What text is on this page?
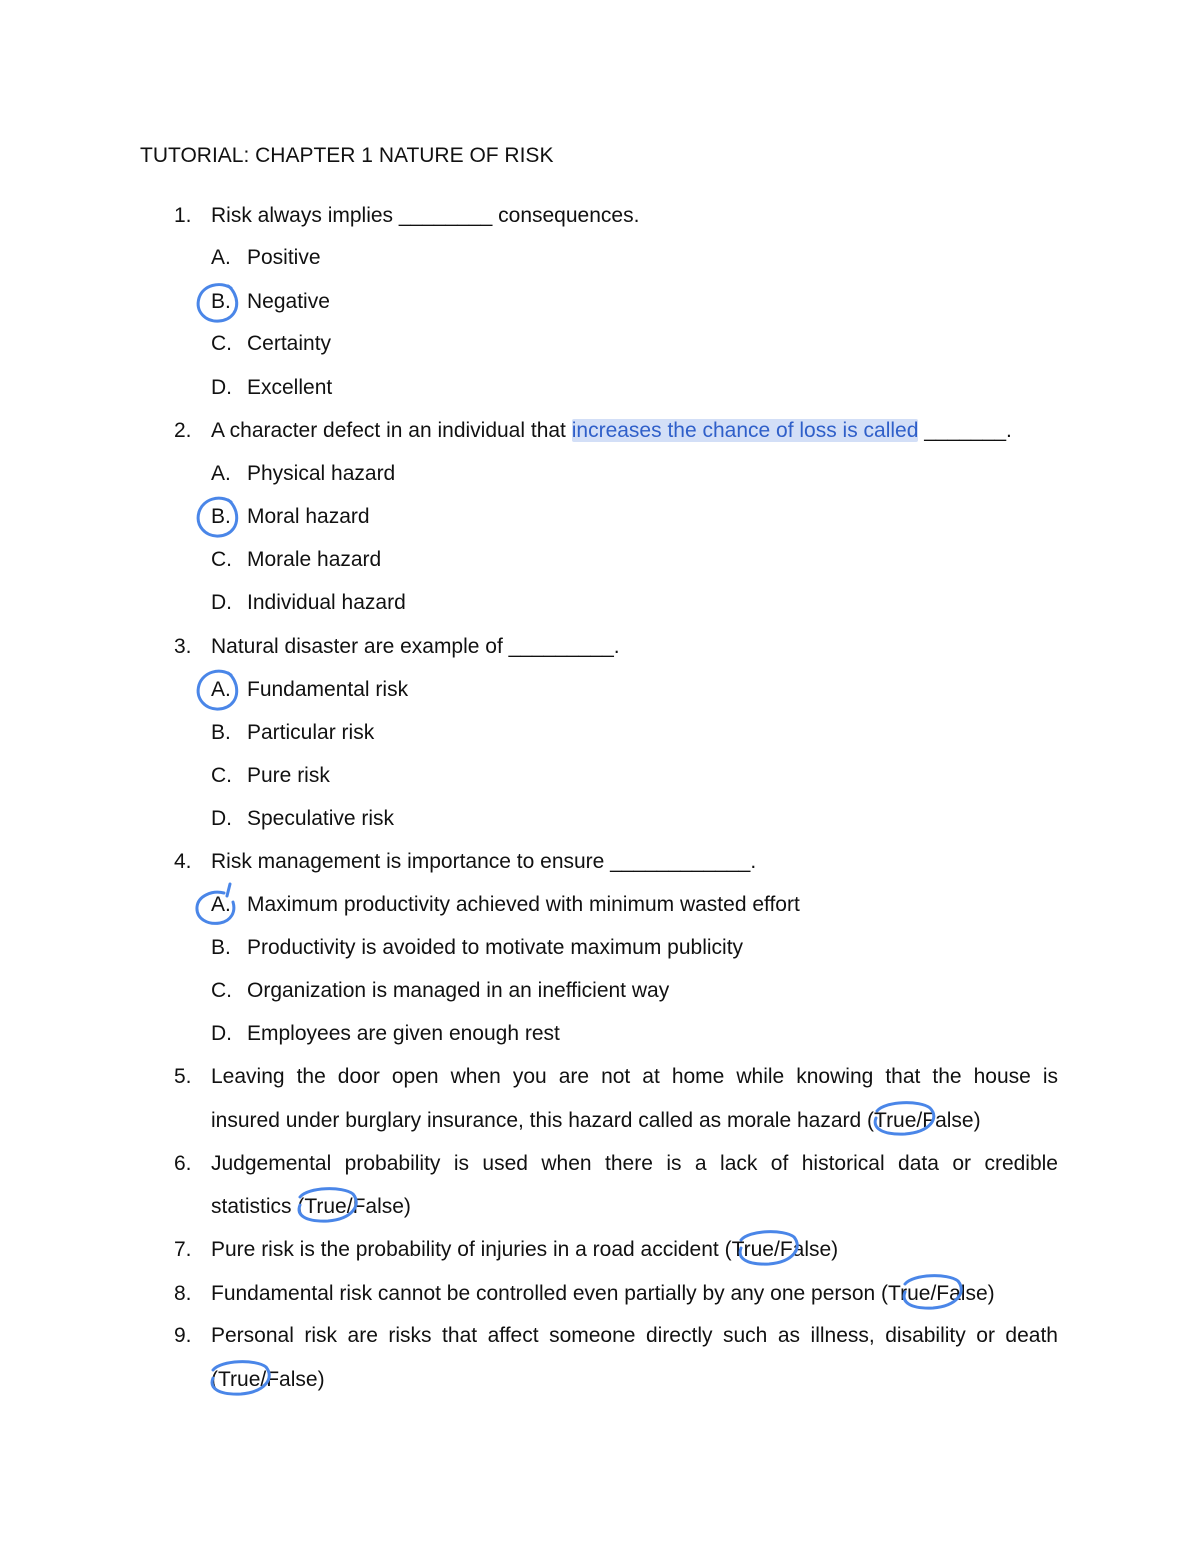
TUTORIAL: CHAPTER 1 NATURE OF RISK
1. Risk always implies ________ consequences.
A. Positive
B. Negative
C. Certainty
D. Excellent
2. A character defect in an individual that increases the chance of loss is called _______.
A. Physical hazard
B. Moral hazard
C. Morale hazard
D. Individual hazard
3. Natural disaster are example of _________.
A. Fundamental risk
B. Particular risk
C. Pure risk
D. Speculative risk
4. Risk management is importance to ensure ____________.
A. Maximum productivity achieved with minimum wasted effort
B. Productivity is avoided to motivate maximum publicity
C. Organization is managed in an inefficient way
D. Employees are given enough rest
5. Leaving the door open when you are not at home while knowing that the house is
insured under burglary insurance, this hazard called as morale hazard (True/False)
6. Judgemental probability is used when there is a lack of historical data or credible
statistics (True/False)
7. Pure risk is the probability of injuries in a road accident (True/False)
8. Fundamental risk cannot be controlled even partially by any one person (True/False)
9. Personal risk are risks that affect someone directly such as illness, disability or death
(True/False)
